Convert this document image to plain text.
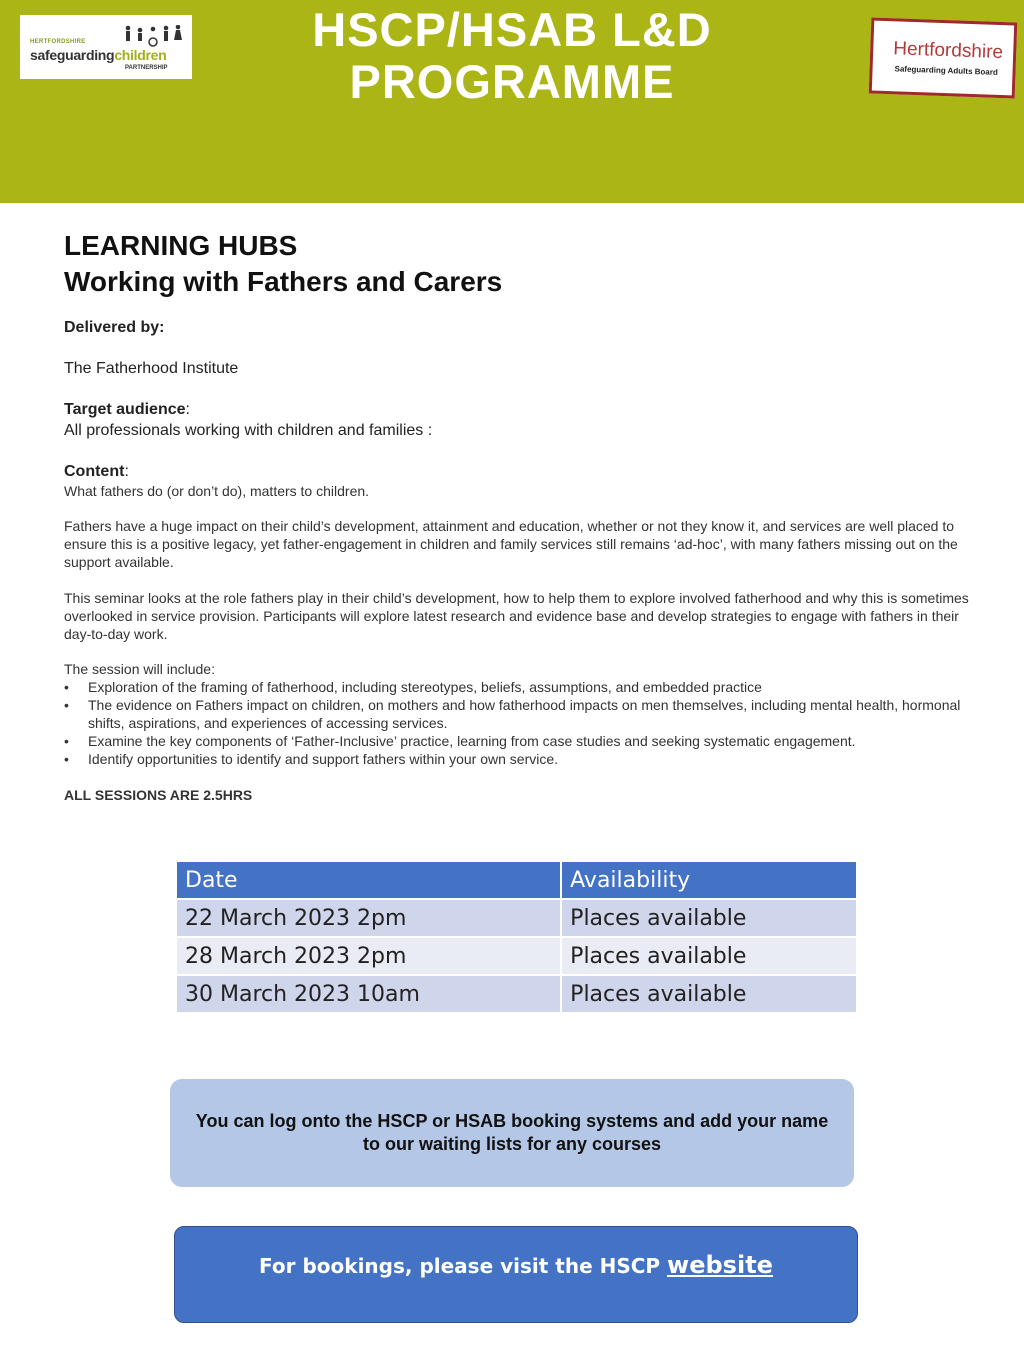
HSCP/HSAB L&D
PROGRAMME
HERTFORDSHIRE
safeguardingchildren
PARTNERSHIP
Hertfordshire
Safeguarding Adults Board
LEARNING HUBS
Working with Fathers and Carers
Delivered by:
The Fatherhood Institute
Target audience:
All professionals working with children and families :
Content:
What fathers do (or don’t do), matters to children.
Fathers have a huge impact on their child’s development, attainment and education, whether or not they know it, and services are well placed to ensure this is a positive legacy, yet father-engagement in children and family services still remains ‘ad-hoc’, with many fathers missing out on the support available.
This seminar looks at the role fathers play in their child’s development, how to help them to explore involved fatherhood and why this is sometimes overlooked in service provision. Participants will explore latest research and evidence base and develop strategies to engage with fathers in their day-to-day work.
The session will include:
• Exploration of the framing of fatherhood, including stereotypes, beliefs, assumptions, and embedded practice
• The evidence on Fathers impact on children, on mothers and how fatherhood impacts on men themselves, including mental health, hormonal shifts, aspirations, and experiences of accessing services.
• Examine the key components of ‘Father-Inclusive’ practice, learning from case studies and seeking systematic engagement.
• Identify opportunities to identify and support fathers within your own service.
ALL SESSIONS ARE 2.5HRS
Date	Availability
22 March 2023 2pm	Places available
28 March 2023 2pm	Places available
30 March 2023 10am	Places available
You can log onto the HSCP or HSAB booking systems and add your name to our waiting lists for any courses
For bookings, please visit the HSCP website
